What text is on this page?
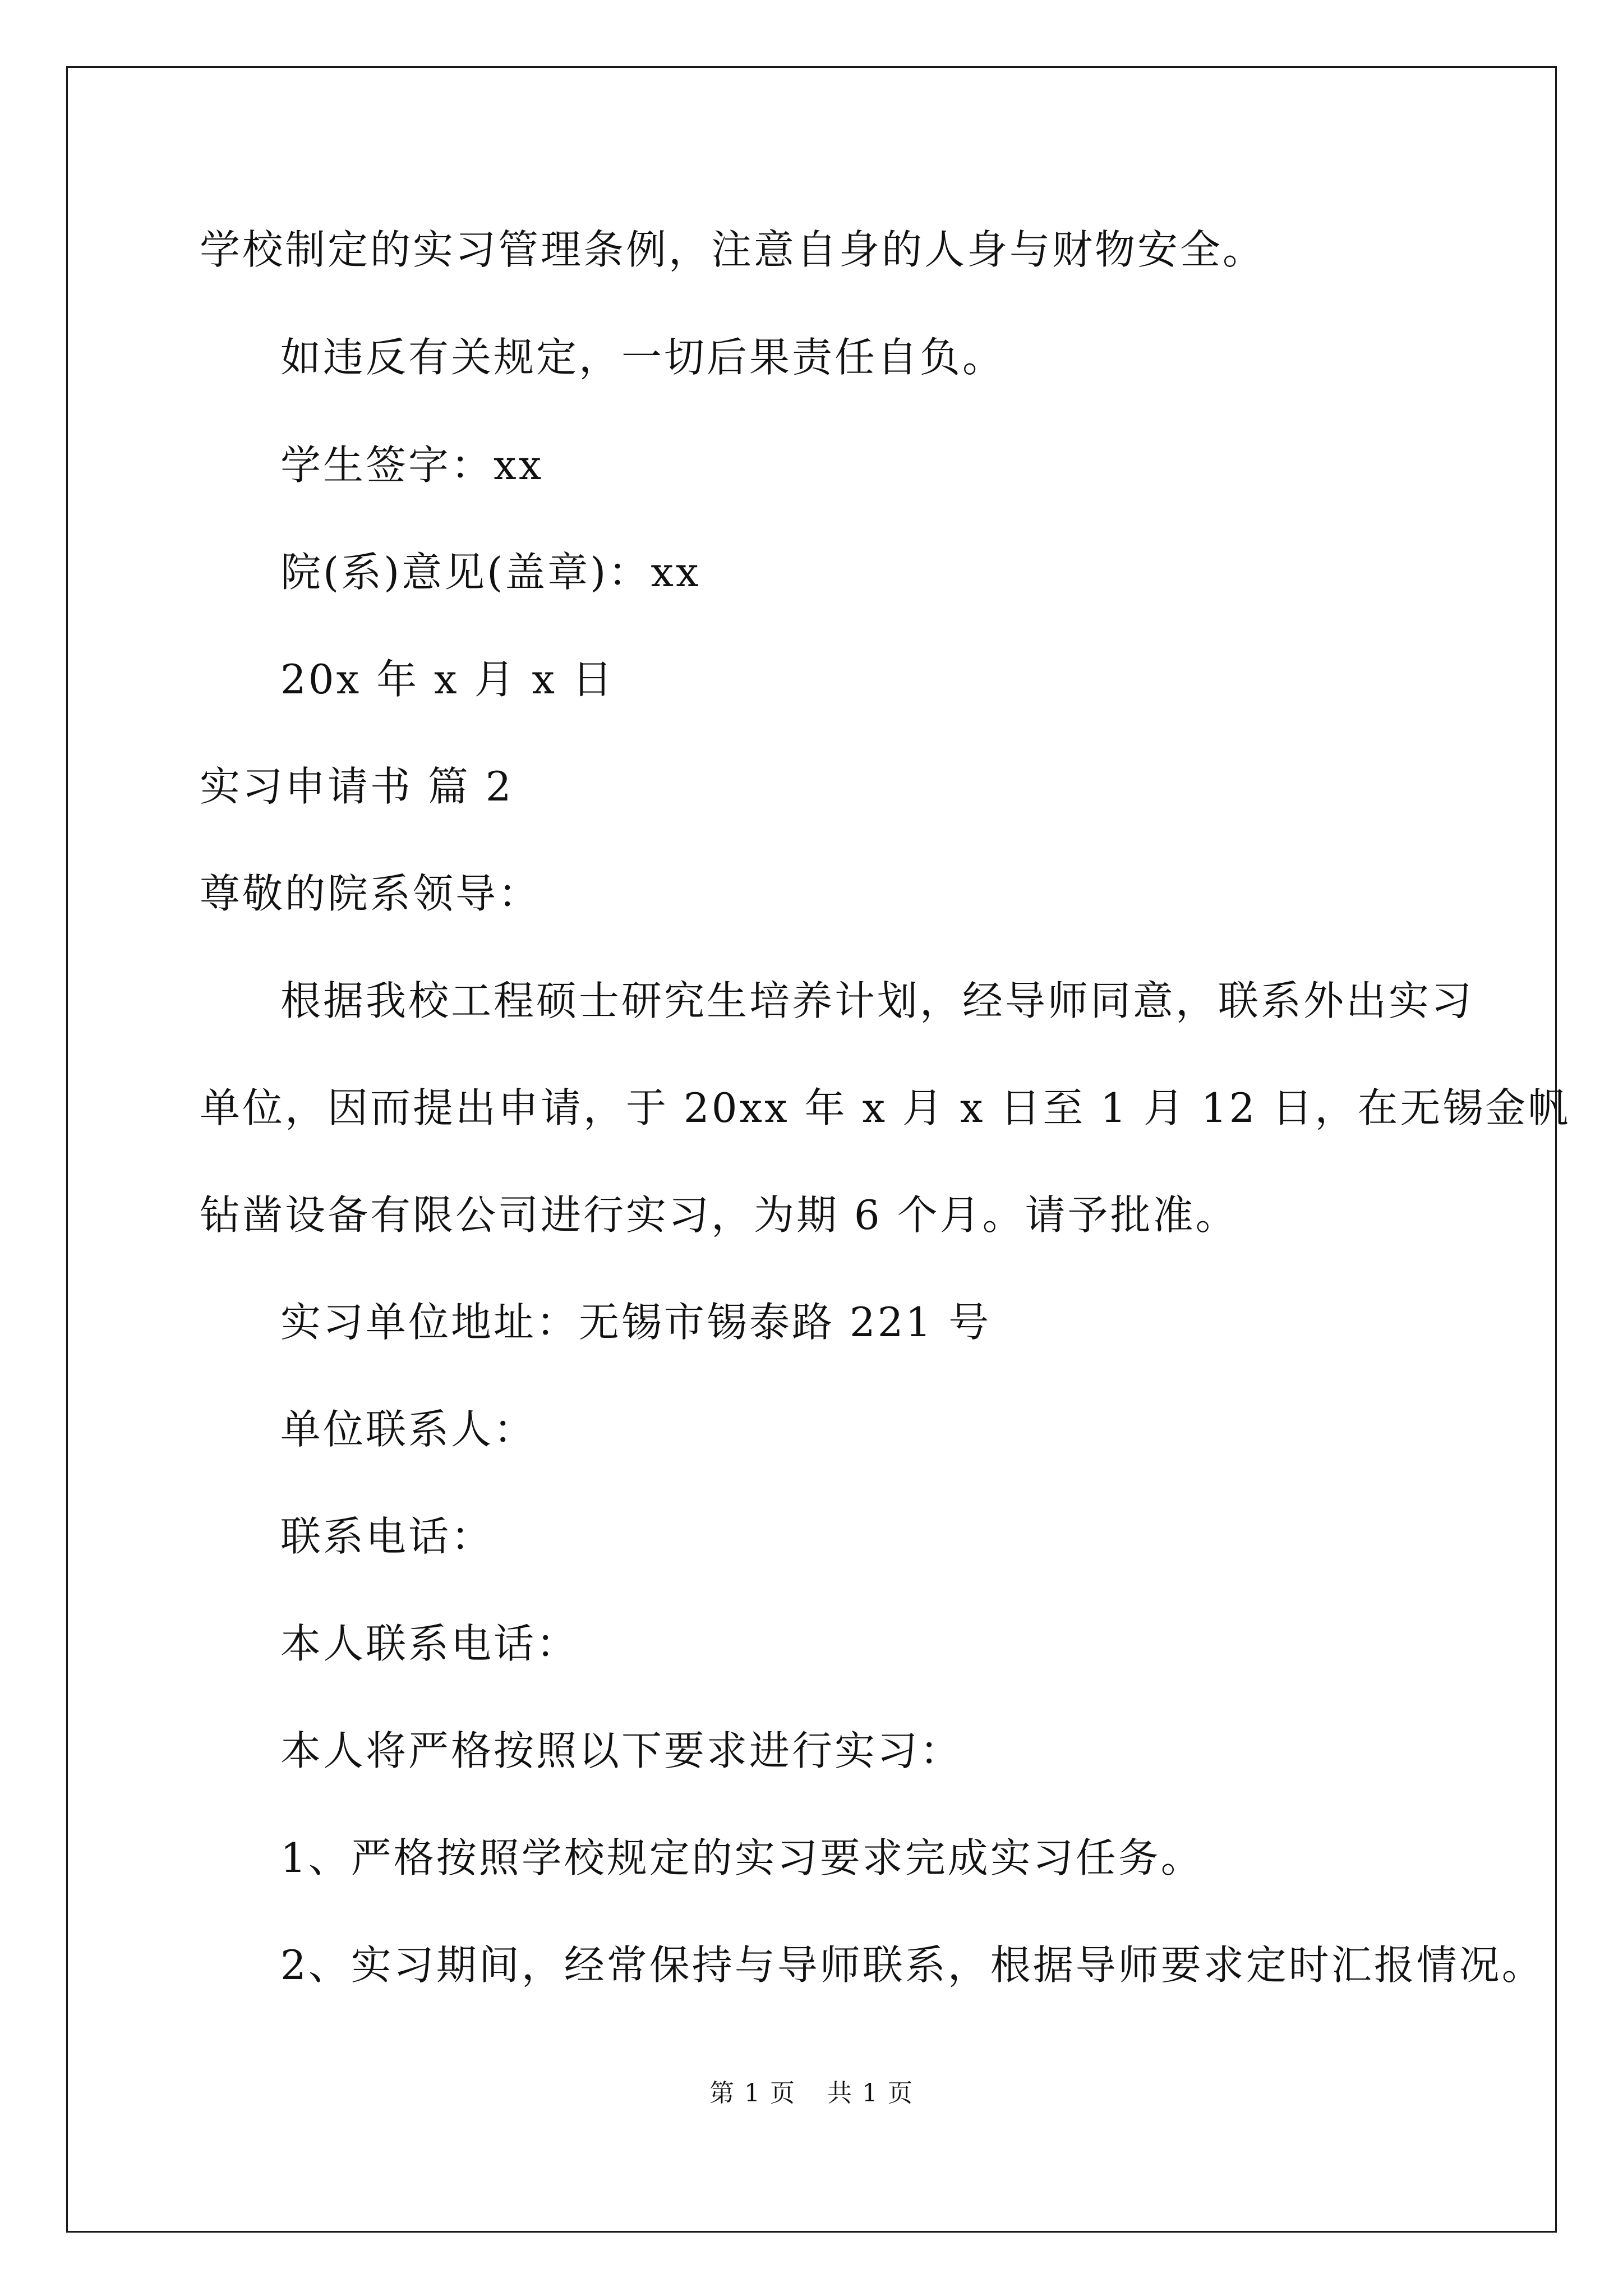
学校制定的实习管理条例，注意自身的人身与财物安全。
如违反有关规定，一切后果责任自负。
学生签字：xx
院(系)意见(盖章)：xx
20x 年 x 月 x 日
实习申请书 篇 2
尊敬的院系领导：
根据我校工程硕士研究生培养计划，经导师同意，联系外出实习
单位，因而提出申请，于 20xx 年 x 月 x 日至 1 月 12 日，在无锡金帆
钻凿设备有限公司进行实习，为期 6 个月。请予批准。
实习单位地址：无锡市锡泰路 221 号
单位联系人：
联系电话：
本人联系电话：
本人将严格按照以下要求进行实习：
1、严格按照学校规定的实习要求完成实习任务。
2、实习期间，经常保持与导师联系，根据导师要求定时汇报情况。
第 1 页 共 1 页
